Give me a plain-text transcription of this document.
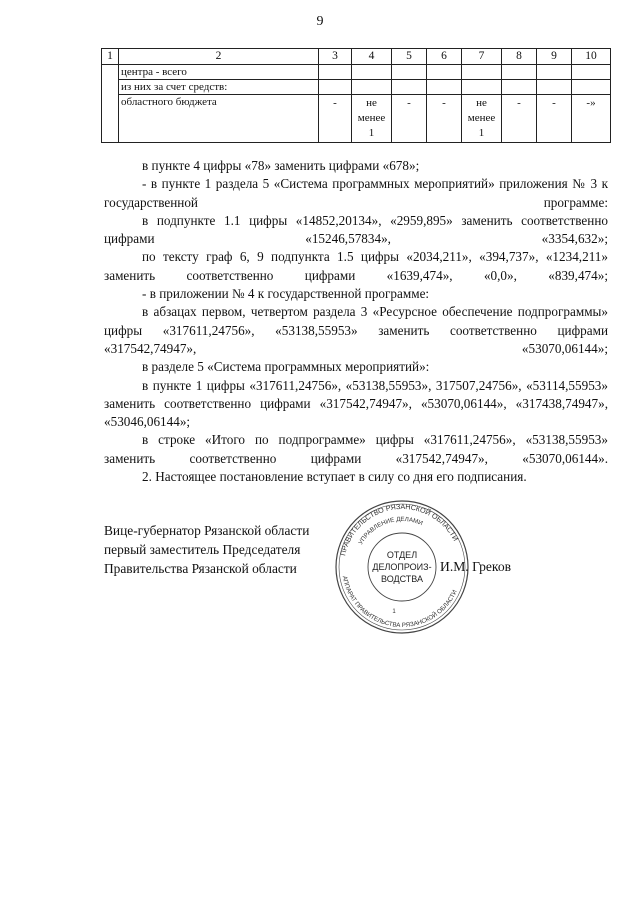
9
1	2	3	4	5	6	7	8	9	10
	центра - всего								
	из них за счет средств:								
	областного бюджета	-	не менее 1	-	-	не менее 1	-	-	-»

в пункте 4 цифры «78» заменить цифрами «678»;

- в пункте 1 раздела 5 «Система программных мероприятий» приложения № 3 к государственной программе:

в подпункте 1.1 цифры «14852,20134», «2959,895» заменить соответственно цифрами «15246,57834», «3354,632»;

по тексту граф 6, 9 подпункта 1.5 цифры «2034,211», «394,737», «1234,211» заменить соответственно цифрами «1639,474», «0,0», «839,474»;

- в приложении № 4 к государственной программе:

в абзацах первом, четвертом раздела 3 «Ресурсное обеспечение подпрограммы» цифры «317611,24756», «53138,55953» заменить соответственно цифрами «317542,74947», «53070,06144»;

в разделе 5 «Система программных мероприятий»:

в пункте 1 цифры «317611,24756», «53138,55953», 317507,24756», «53114,55953» заменить соответственно цифрами «317542,74947», «53070,06144», «317438,74947», «53046,06144»;

в строке «Итого по подпрограмме» цифры «317611,24756», «53138,55953» заменить соответственно цифрами «317542,74947», «53070,06144».

2. Настоящее постановление вступает в силу со дня его подписания.

Вице-губернатор Рязанской области
первый заместитель Председателя
Правительства Рязанской области
ПРАВИТЕЛЬСТВО РЯЗАНСКОЙ ОБЛАСТИ
УПРАВЛЕНИЕ ДЕЛАМИ
АППАРАТ ПРАВИТЕЛЬСТВА РЯЗАНСКОЙ ОБЛАСТИ
ОТДЕЛ
ДЕЛОПРОИЗ-
ВОДСТВА
1
И.М. Греков
